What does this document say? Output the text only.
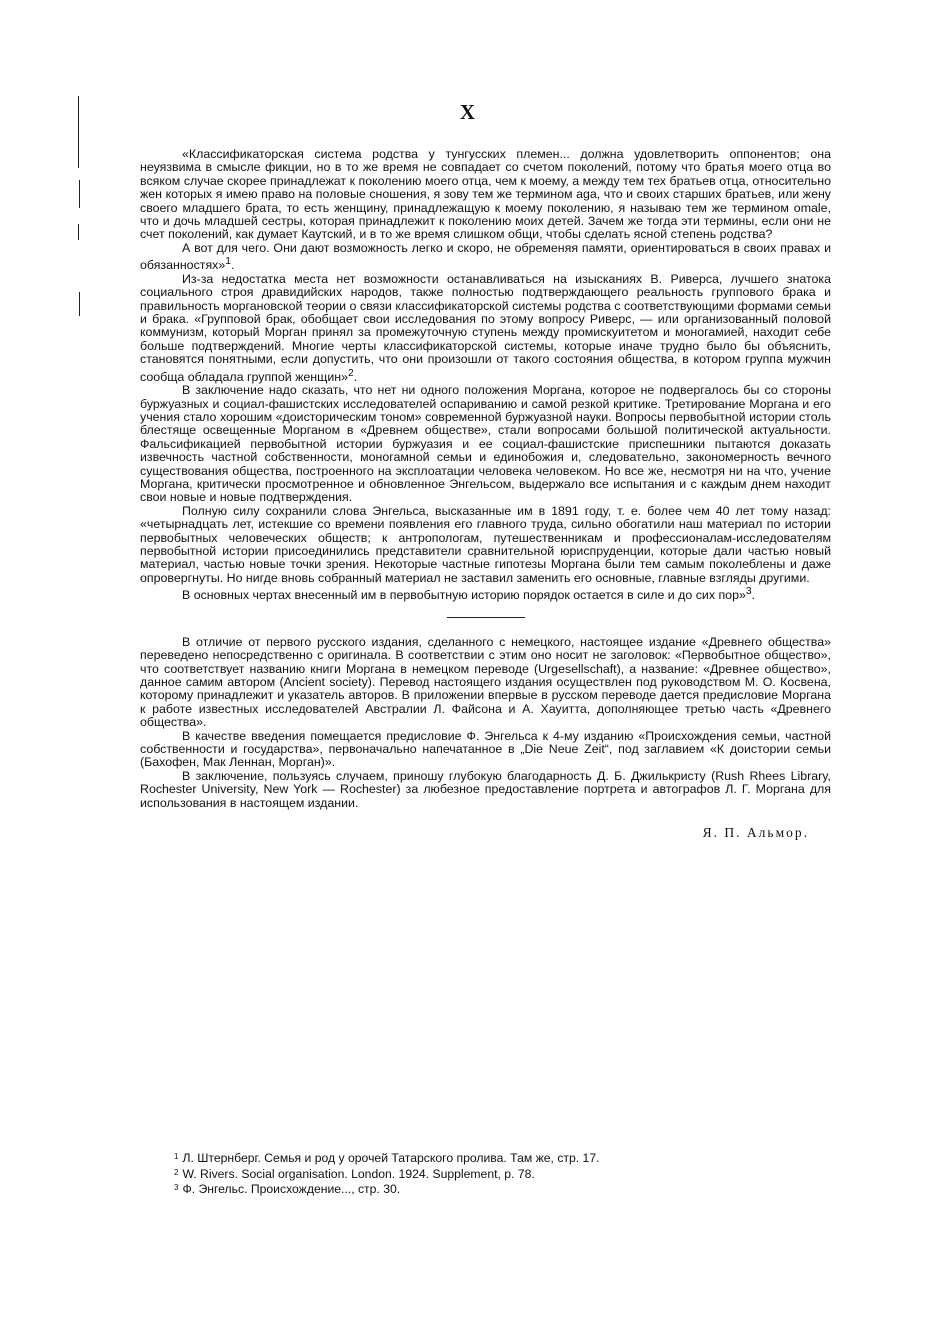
X

«Классификаторская система родства у тунгусских племен... должна удовлетворить оппонентов; она неуязвима в смысле фикции, но в то же время не совпадает со счетом поколений, потому что братья моего отца во всяком случае скорее принадлежат к поколению моего отца, чем к моему, а между тем тех братьев отца, относительно жен которых я имею право на половые сношения, я зову тем же термином aga, что и своих старших братьев, или жену своего младшего брата, то есть женщину, принадлежащую к моему поколению, я называю тем же термином omale, что и дочь младшей сестры, которая принадлежит к поколению моих детей. Зачем же тогда эти термины, если они не счет поколений, как думает Каутский, и в то же время слишком общи, чтобы сделать ясной степень родства?

А вот для чего. Они дают возможность легко и скоро, не обременяя памяти, ориентироваться в своих правах и обязанностях»$^1$.

Из-за недостатка места нет возможности останавливаться на изысканиях В. Риверса, лучшего знатока социального строя дравидийских народов, также полностью подтверждающего реальность группового брака и правильность моргановской теории о связи классификаторской системы родства с соответствующими формами семьи и брака. «Групповой брак, обобщает свои исследования по этому вопросу Риверс, — или организованный половой коммунизм, который Морган принял за промежуточную ступень между промискуитетом и моногамией, находит себе больше подтверждений. Многие черты классификаторской системы, которые иначе трудно было бы объяснить, становятся понятными, если допустить, что они произошли от такого состояния общества, в котором группа мужчин сообща обладала группой женщин»$^2$.

В заключение надо сказать, что нет ни одного положения Моргана, которое не подвергалось бы со стороны буржуазных и социал-фашистских исследователей оспариванию и самой резкой критике. Третирование Моргана и его учения стало хорошим «доисторическим тоном» современной буржуазной науки. Вопросы первобытной истории столь блестяще освещенные Морганом в «Древнем обществе», стали вопросами большой политической актуальности. Фальсификацией первобытной истории буржуазия и ее социал-фашистские приспешники пытаются доказать извечность частной собственности, моногамной семьи и единобожия и, следовательно, закономерность вечного существования общества, построенного на эксплоатации человека человеком. Но все же, несмотря ни на что, учение Моргана, критически просмотренное и обновленное Энгельсом, выдержало все испытания и с каждым днем находит свои новые и новые подтверждения.

Полную силу сохранили слова Энгельса, высказанные им в 1891 году, т. е. более чем 40 лет тому назад: «четырнадцать лет, истекшие со времени появления его главного труда, сильно обогатили наш материал по истории первобытных человеческих обществ; к антропологам, путешественникам и профессионалам-исследователям первобытной истории присоединились представители сравнительной юриспруденции, которые дали частью новый материал, частью новые точки зрения. Некоторые частные гипотезы Моргана были тем самым поколеблены и даже опровергнуты. Но нигде вновь собранный материал не заставил заменить его основные, главные взгляды другими.

В основных чертах внесенный им в первобытную историю порядок остается в силе и до сих пор»$^3$.

В отличие от первого русского издания, сделанного с немецкого, настоящее издание «Древнего общества» переведено непосредственно с оригинала. В соответствии с этим оно носит не заголовок: «Первобытное общество», что соответствует названию книги Моргана в немецком переводе (Urgesellschaft), а название: «Древнее общество», данное самим автором (Ancient society). Перевод настоящего издания осуществлен под руководством М. О. Косвена, которому принадлежит и указатель авторов. В приложении впервые в русском переводе дается предисловие Моргана к работе известных исследователей Австралии Л. Файсона и А. Хауитта, дополняющее третью часть «Древнего общества».

В качестве введения помещается предисловие Ф. Энгельса к 4-му изданию «Происхождения семьи, частной собственности и государства», первоначально напечатанное в „Die Neue Zeit“, под заглавием «К доистории семьи (Бахофен, Мак Леннан, Морган)».

В заключение, пользуясь случаем, приношу глубокую благодарность Д. Б. Джилькристу (Rush Rhees Library, Rochester University, New York — Rochester) за любезное предоставление портрета и автографов Л. Г. Моргана для использования в настоящем издании.

Я. П. Альмор.

$^1$ Л. Штернберг. Семья и род у орочей Татарского пролива. Там же, стр. 17.

$^2$ W. Rivers. Social organisation. London. 1924. Supplement, p. 78.

$^3$ Ф. Энгельс. Происхождение..., стр. 30.
